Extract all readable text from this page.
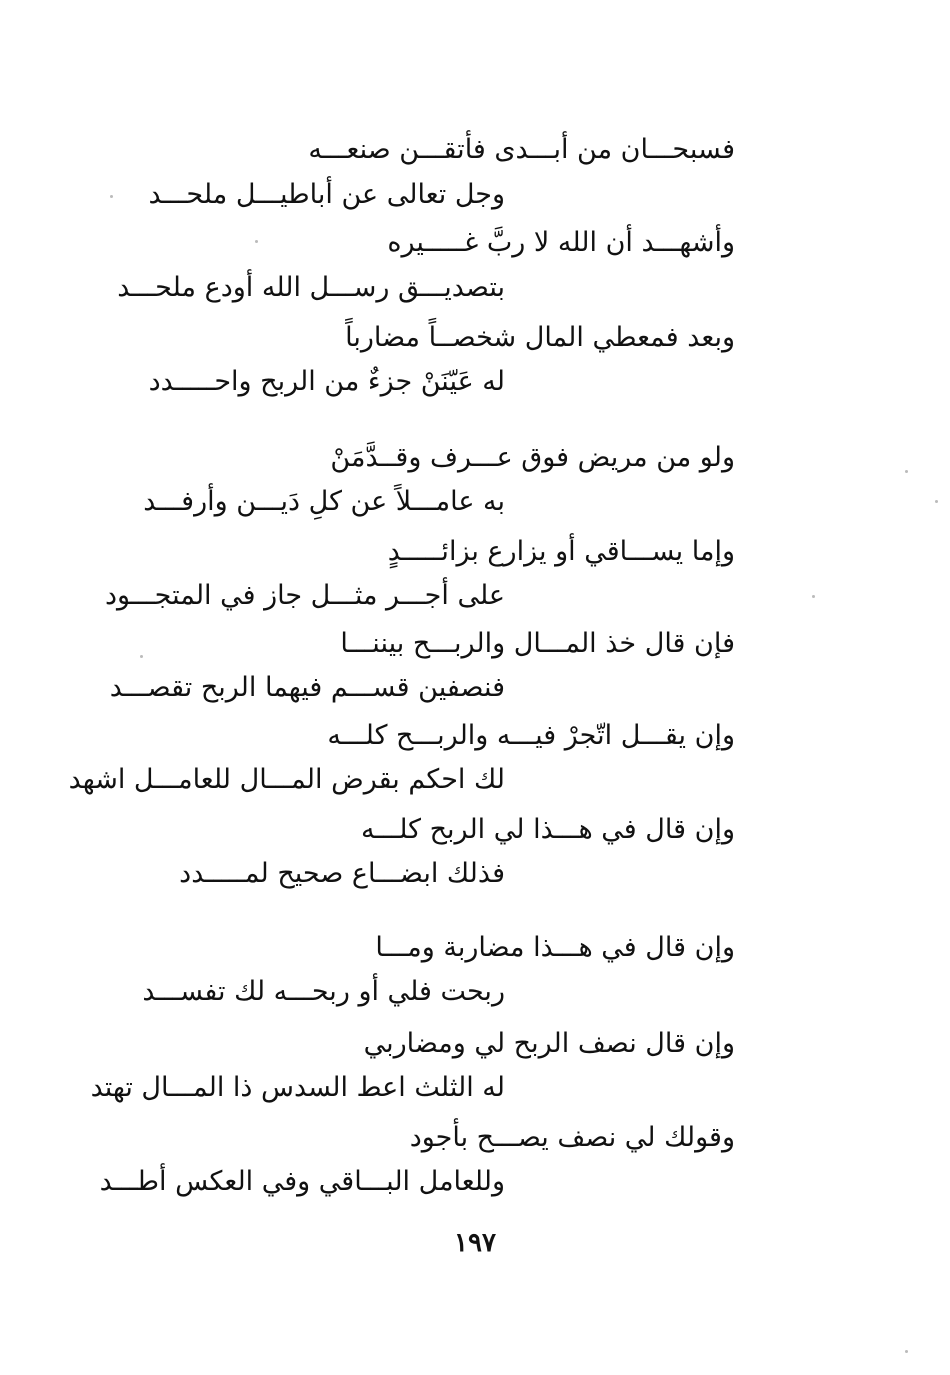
فسبحـــان من أبـــدى فأتقـــن صنعـــه
وجل تعالى عن أباطيـــل ملحـــد
وأشهـــد أن الله لا ربَّ غـــــيره
بتصديـــق رســـل الله أودع ملحـــد
وبعد فمعطي المال شخصــاً مضارباً
له عَيّنَنْ جزءٌ من الربح واحـــــدد
ولو من مريض فوق عـــرف وقــدَّمَنْ
به عامـــلاً عن كلِ دَيـــن وأرفـــد
وإما يســـاقي أو يزارع بزائـــــدٍ
على أجـــر مثـــل جاز في المتجـــود
فإن قال خذ المـــال والربـــح بيننـــا
فنصفين قســـم فيهما الربح تقصـــد
وإن يقـــل اتّجرْ فيـــه والربـــح كلـــه
لك احكم بقرض المـــال للعامـــل اشهد
وإن قال في هـــذا لي الربح كلـــه
فذلك ابضـــاع صحيح لمـــــدد
وإن قال في هـــذا مضاربة ومـــا
ربحت فلي أو ربحـــه لك تفســـد
وإن قال نصف الربح لي ومضاربي
له الثلث اعط السدس ذا المـــال تهتد
وقولك لي نصف يصـــح بأجود
وللعامل البـــاقي وفي العكس أطـــد
١٩٧
